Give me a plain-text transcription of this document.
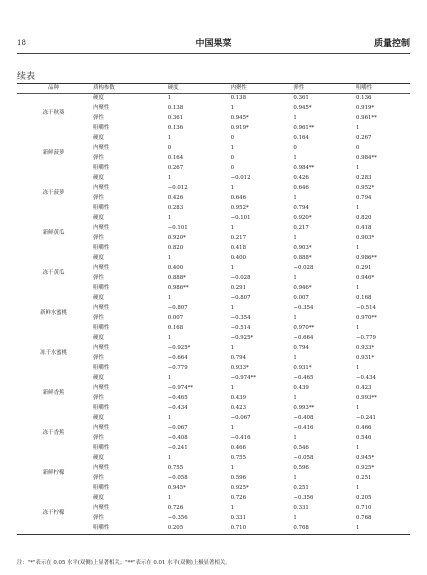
18	中国果菜	质量控制
续表
品种	质构参数	硬度	内聚性	弹性	咀嚼性
冻干秋葵	硬度	1	0.138	0.361	0.136
	内聚性	0.138	1	0.945*	0.919*
	弹性	0.361	0.945*	1	0.961**
	咀嚼性	0.136	0.919*	0.961**	1
新鲜菠萝	硬度	1	0	0.164	0.267
	内聚性	0	1	0	0
	弹性	0.164	0	1	0.984**
	咀嚼性	0.267	0	0.984**	1
冻干菠萝	硬度	1	−0.012	0.426	0.283
	内聚性	−0.012	1	0.646	0.952*
	弹性	0.426	0.646	1	0.794
	咀嚼性	0.283	0.952*	0.794	1
新鲜黄瓜	硬度	1	−0.101	0.920*	0.820
	内聚性	−0.101	1	0.217	0.418
	弹性	0.920*	0.217	1	0.903*
	咀嚼性	0.820	0.418	0.903*	1
冻干黄瓜	硬度	1	0.400	0.888*	0.986**
	内聚性	0.400	1	−0.028	0.291
	弹性	0.888*	−0.028	1	0.946*
	咀嚼性	0.986**	0.291	0.946*	1
新鲜水蜜桃	硬度	1	−0.807	0.007	0.168
	内聚性	−0.807	1	−0.354	−0.514
	弹性	0.007	−0.354	1	0.970**
	咀嚼性	0.168	−0.514	0.970**	1
冻干水蜜桃	硬度	1	−0.925*	−0.664	−0.779
	内聚性	−0.925*	1	0.794	0.933*
	弹性	−0.664	0.794	1	0.931*
	咀嚼性	−0.779	0.933*	0.931*	1
新鲜香蕉	硬度	1	−0.974**	−0.465	−0.434
	内聚性	−0.974**	1	0.439	0.423
	弹性	−0.465	0.439	1	0.993**
	咀嚼性	−0.434	0.423	0.993**	1
冻干香蕉	硬度	1	−0.067	−0.408	−0.241
	内聚性	−0.067	1	−0.416	0.466
	弹性	−0.408	−0.416	1	0.546
	咀嚼性	−0.241	0.466	0.546	1
新鲜柠檬	硬度	1	0.755	−0.058	0.945*
	内聚性	0.755	1	0.596	0.925*
	弹性	−0.058	0.596	1	0.251
	咀嚼性	0.945*	0.925*	0.251	1
冻干柠檬	硬度	1	0.726	−0.356	0.205
	内聚性	0.726	1	0.331	0.710
	弹性	−0.356	0.331	1	0.768
	咀嚼性	0.205	0.710	0.768	1
注："*"表示在 0.05 水平(双侧)上显著相关；"**"表示在 0.01 水平(双侧)上极显著相关。
